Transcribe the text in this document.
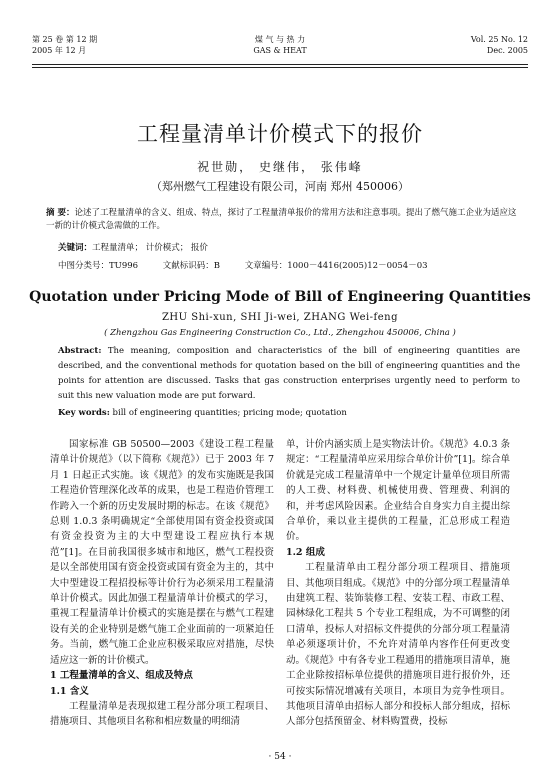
第 25 卷 第 12 期
2005 年 12 月
煤 气 与 热 力
GAS & HEAT
Vol. 25 No. 12
Dec. 2005
工程量清单计价模式下的报价
祝世勋， 史继伟， 张伟峰
（郑州燃气工程建设有限公司，河南 郑州 450006）
摘 要：论述了工程量清单的含义、组成、特点，探讨了工程量清单报价的常用方法和注意事项。提出了燃气施工企业为适应这一新的计价模式急需做的工作。
关键词：工程量清单； 计价模式； 报价
中图分类号：TU996	文献标识码：B	文章编号：1000－4416(2005)12－0054－03
Quotation under Pricing Mode of Bill of Engineering Quantities
ZHU Shi-xun, SHI Ji-wei, ZHANG Wei-feng
( Zhengzhou Gas Engineering Construction Co., Ltd., Zhengzhou 450006, China )
Abstract: The meaning, composition and characteristics of the bill of engineering quantities are described, and the conventional methods for quotation based on the bill of engineering quantities and the points for attention are discussed. Tasks that gas construction enterprises urgently need to perform to suit this new valuation mode are put forward.
Key words: bill of engineering quantities; pricing mode; quotation

国家标准 GB 50500—2003《建设工程工程量清单计价规范》（以下简称《规范》）已于 2003 年 7 月 1 日起正式实施。该《规范》的发布实施既是我国工程造价管理深化改革的成果，也是工程造价管理工作跨入一个新的历史发展时期的标志。在该《规范》总则 1.0.3 条明确规定“全部使用国有资金投资或国有资金投资为主的大中型建设工程应执行本规范”[1]。在目前我国很多城市和地区，燃气工程投资是以全部使用国有资金投资或国有资金为主的，其中大中型建设工程招投标等计价行为必须采用工程量清单计价模式。因此加强工程量清单计价模式的学习，重视工程量清单计价模式的实施是摆在与燃气工程建设有关的企业特别是燃气施工企业面前的一项紧迫任务。当前，燃气施工企业应积极采取应对措施，尽快适应这一新的计价模式。

1 工程量清单的含义、组成及特点

1.1 含义

工程量清单是表现拟建工程分部分项工程项目、措施项目、其他项目名称和相应数量的明细清

单，计价内涵实质上是实物法计价。《规范》4.0.3 条规定：“工程量清单应采用综合单价计价”[1]。综合单价就是完成工程量清单中一个规定计量单位项目所需的人工费、材料费、机械使用费、管理费、利润的和，并考虑风险因素。企业结合自身实力自主提出综合单价，乘以业主提供的工程量，汇总形成工程造价。

1.2 组成

工程量清单由工程分部分项工程项目、措施项目、其他项目组成。《规范》中的分部分项工程量清单由建筑工程、装饰装修工程、安装工程、市政工程、园林绿化工程共 5 个专业工程组成，为不可调整的闭口清单，投标人对招标文件提供的分部分项工程量清单必须逐项计价，不允许对清单内容作任何更改变动。《规范》中有各专业工程通用的措施项目清单，施工企业除按招标单位提供的措施项目进行报价外，还可按实际情况增减有关项目，本项目为竞争性项目。其他项目清单由招标人部分和投标人部分组成，招标人部分包括预留金、材料购置费，投标

· 54 ·
